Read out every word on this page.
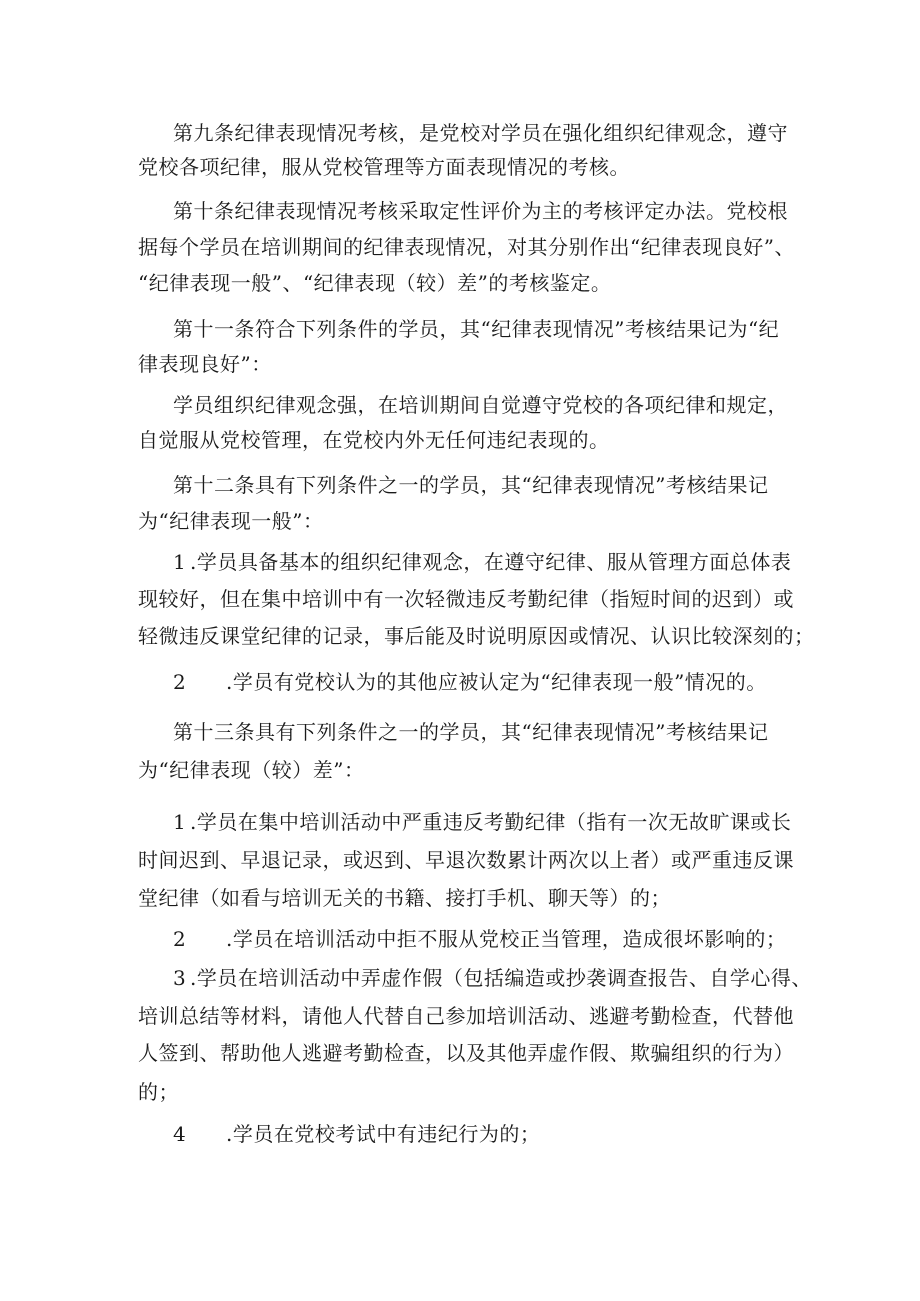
第九条纪律表现情况考核，是党校对学员在强化组织纪律观念，遵守
党校各项纪律，服从党校管理等方面表现情况的考核。
第十条纪律表现情况考核采取定性评价为主的考核评定办法。党校根
据每个学员在培训期间的纪律表现情况，对其分别作出“纪律表现良好”、
“纪律表现一般”、“纪律表现（较）差”的考核鉴定。
第十一条符合下列条件的学员，其“纪律表现情况”考核结果记为“纪
律表现良好”：
学员组织纪律观念强，在培训期间自觉遵守党校的各项纪律和规定，
自觉服从党校管理，在党校内外无任何违纪表现的。
第十二条具有下列条件之一的学员，其“纪律表现情况”考核结果记
为“纪律表现一般”：
1 .学员具备基本的组织纪律观念，在遵守纪律、服从管理方面总体表
现较好，但在集中培训中有一次轻微违反考勤纪律（指短时间的迟到）或
轻微违反课堂纪律的记录，事后能及时说明原因或情况、认识比较深刻的；
2 .学员有党校认为的其他应被认定为“纪律表现一般”情况的。
第十三条具有下列条件之一的学员，其“纪律表现情况”考核结果记
为“纪律表现（较）差”：
1 .学员在集中培训活动中严重违反考勤纪律（指有一次无故旷课或长
时间迟到、早退记录，或迟到、早退次数累计两次以上者）或严重违反课
堂纪律（如看与培训无关的书籍、接打手机、聊天等）的；
2 .学员在培训活动中拒不服从党校正当管理，造成很坏影响的；
3 .学员在培训活动中弄虚作假（包括编造或抄袭调查报告、自学心得、
培训总结等材料，请他人代替自己参加培训活动、逃避考勤检查，代替他
人签到、帮助他人逃避考勤检查，以及其他弄虚作假、欺骗组织的行为）
的；
4 .学员在党校考试中有违纪行为的；
